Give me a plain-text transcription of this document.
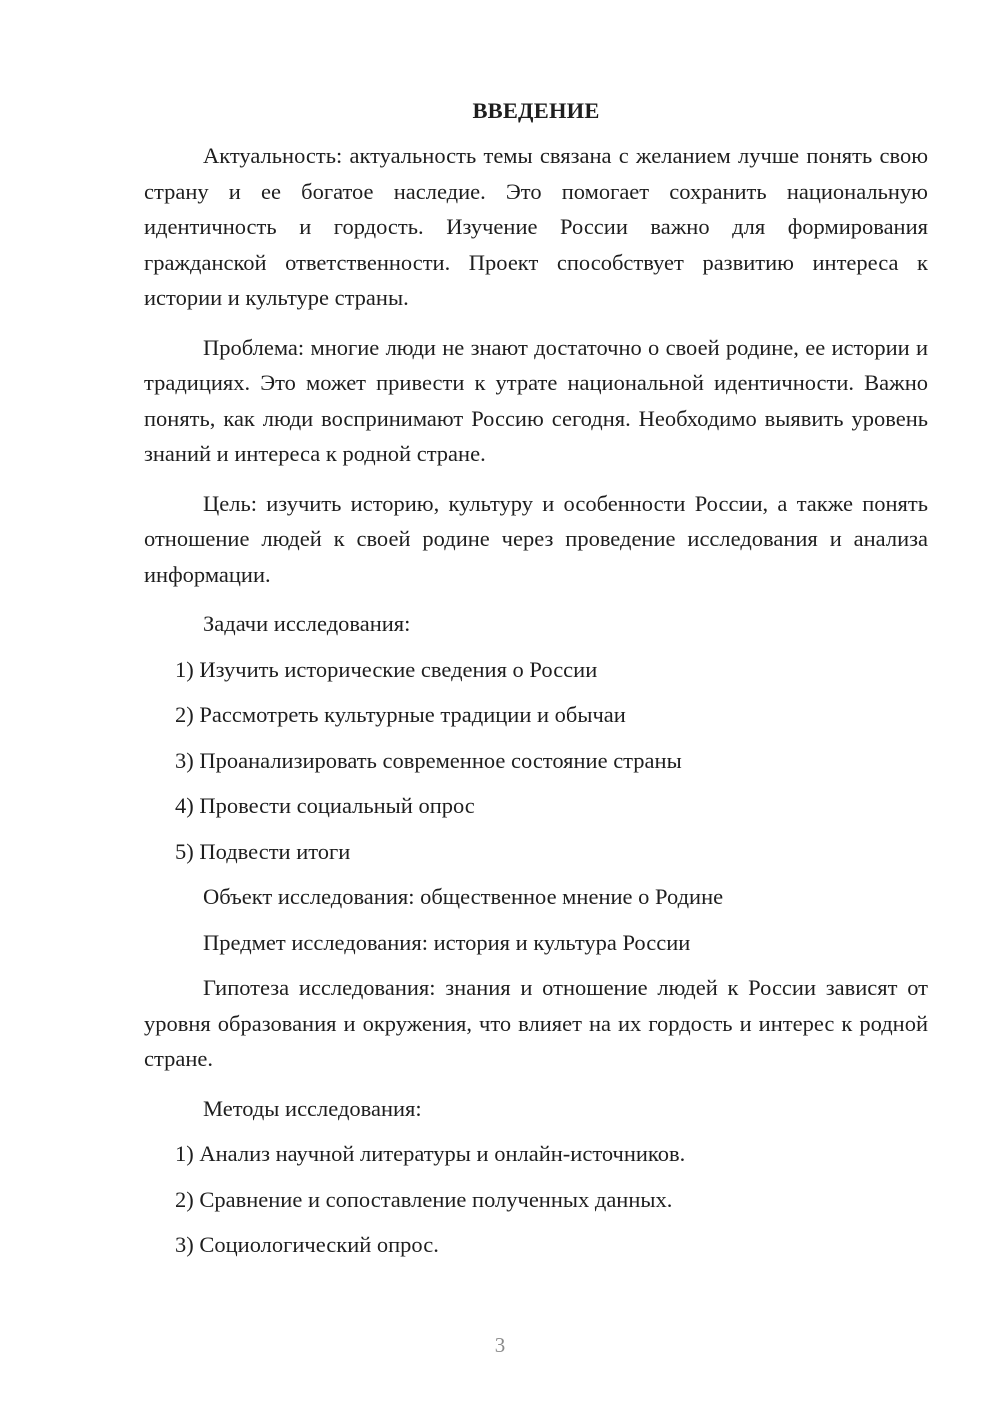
ВВЕДЕНИЕ

Актуальность: актуальность темы связана с желанием лучше понять свою страну и ее богатое наследие. Это помогает сохранить национальную идентичность и гордость. Изучение России важно для формирования гражданской ответственности. Проект способствует развитию интереса к истории и культуре страны.

Проблема: многие люди не знают достаточно о своей родине, ее истории и традициях. Это может привести к утрате национальной идентичности. Важно понять, как люди воспринимают Россию сегодня. Необходимо выявить уровень знаний и интереса к родной стране.

Цель: изучить историю, культуру и особенности России, а также понять отношение людей к своей родине через проведение исследования и анализа информации.

Задачи исследования:

1) Изучить исторические сведения о России

2) Рассмотреть культурные традиции и обычаи

3) Проанализировать современное состояние страны

4) Провести социальный опрос

5) Подвести итоги

Объект исследования: общественное мнение о Родине

Предмет исследования: история и культура России

Гипотеза исследования: знания и отношение людей к России зависят от уровня образования и окружения, что влияет на их гордость и интерес к родной стране.

Методы исследования:

1) Анализ научной литературы и онлайн-источников.

2) Сравнение и сопоставление полученных данных.

3) Социологический опрос.

3
